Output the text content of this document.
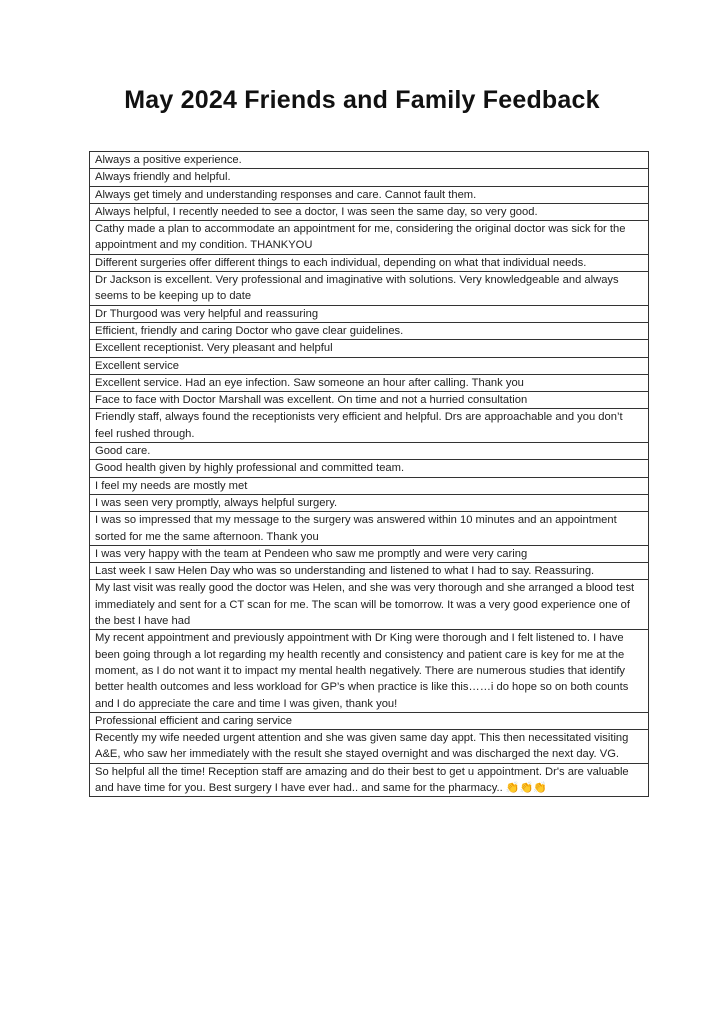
May 2024 Friends and Family Feedback
Always a positive experience.
Always friendly and helpful.
Always get timely and understanding responses and care. Cannot fault them.
Always helpful, I recently needed to see a doctor, I was seen the same day, so very good.
Cathy made a plan to accommodate an appointment for me, considering the original doctor was sick for the appointment and my condition. THANKYOU
Different surgeries offer different things to each individual, depending on what that individual needs.
Dr Jackson is excellent. Very professional and imaginative with solutions. Very knowledgeable and always seems to be keeping up to date
Dr Thurgood was very helpful and reassuring
Efficient, friendly and caring Doctor who gave clear guidelines.
Excellent receptionist. Very pleasant and helpful
Excellent service
Excellent service. Had an eye infection. Saw someone an hour after calling. Thank you
Face to face with Doctor Marshall was excellent. On time and not a hurried consultation
Friendly staff, always found the receptionists very efficient and helpful. Drs are approachable and you don’t feel rushed through.
Good care.
Good health given by highly professional and committed team.
I feel my needs are mostly met
I was seen very promptly, always helpful surgery.
I was so impressed that my message to the surgery was answered within 10 minutes and an appointment sorted for me the same afternoon. Thank you
I was very happy with the team at Pendeen who saw me promptly and were very caring
Last week I saw Helen Day who was so understanding and listened to what I had to say. Reassuring.
My last visit was really good the doctor was Helen, and she was very thorough and she arranged a blood test immediately and sent for a CT scan for me. The scan will be tomorrow. It was a very good experience one of the best I have had
My recent appointment and previously appointment with Dr King were thorough and I felt listened to. I have been going through a lot regarding my health recently and consistency and patient care is key for me at the moment, as I do not want it to impact my mental health negatively. There are numerous studies that identify better health outcomes and less workload for GP’s when practice is like this……i do hope so on both counts and I do appreciate the care and time I was given, thank you!
Professional efficient and caring service
Recently my wife needed urgent attention and she was given same day appt. This then necessitated visiting A&E, who saw her immediately with the result she stayed overnight and was discharged the next day. VG.
So helpful all the time! Reception staff are amazing and do their best to get u appointment. Dr's are valuable and have time for you. Best surgery I have ever had.. and same for the pharmacy.. 👏👏👏
